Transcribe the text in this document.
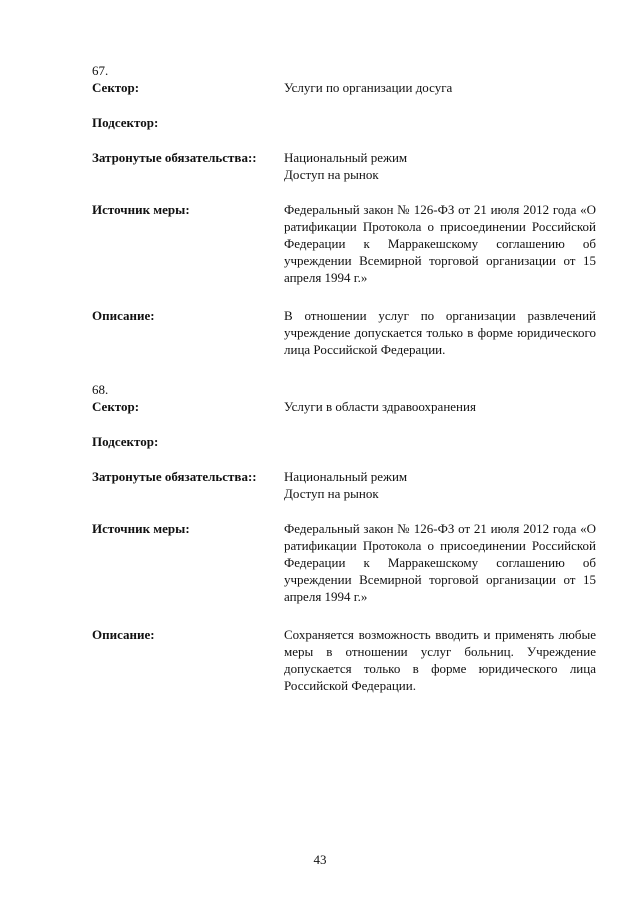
67.
Сектор:	Услуги по организации досуга
Подсектор:
Затронутые обязательства::	Национальный режим
Доступ на рынок
Источник меры:	Федеральный закон № 126-ФЗ от 21 июля 2012 года «О ратификации Протокола о присоединении Российской Федерации к Марракешскому соглашению об учреждении Всемирной торговой организации от 15 апреля 1994 г.»
Описание:	В отношении услуг по организации развлечений учреждение допускается только в форме юридического лица Российской Федерации.
68.
Сектор:	Услуги в области здравоохранения
Подсектор:
Затронутые обязательства::	Национальный режим
Доступ на рынок
Источник меры:	Федеральный закон № 126-ФЗ от 21 июля 2012 года «О ратификации Протокола о присоединении Российской Федерации к Марракешскому соглашению об учреждении Всемирной торговой организации от 15 апреля 1994 г.»
Описание:	Сохраняется возможность вводить и применять любые меры в отношении услуг больниц. Учреждение допускается только в форме юридического лица Российской Федерации.
43
